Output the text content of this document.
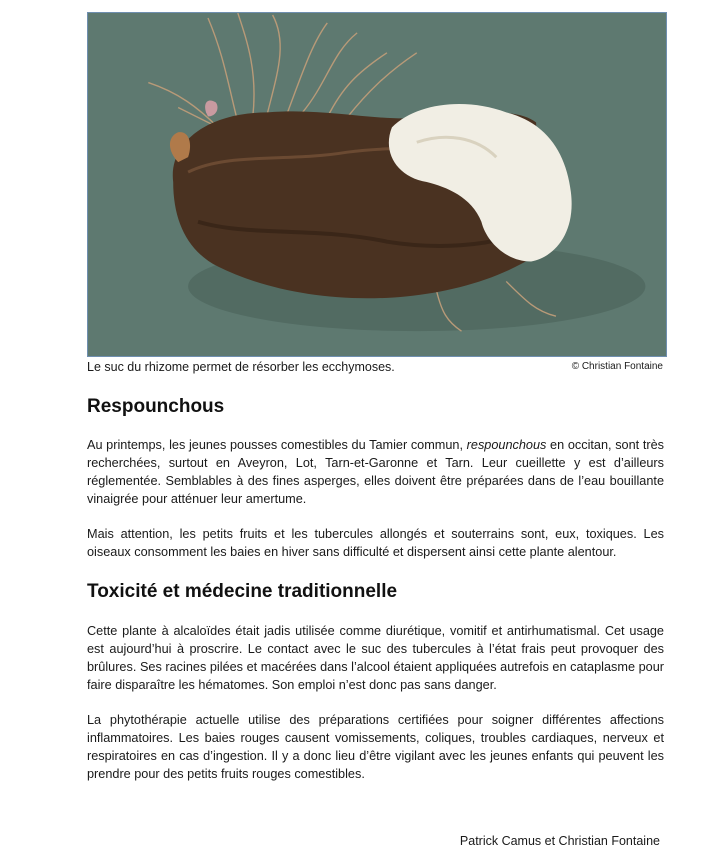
Le suc du rhizome permet de résorber les ecchymoses.	© Christian Fontaine
Respounchous

Au printemps, les jeunes pousses comestibles du Tamier commun, respounchous en occitan, sont très recherchées, surtout en Aveyron, Lot, Tarn-et-Garonne et Tarn. Leur cueillette y est d’ailleurs réglementée. Semblables à des fines asperges, elles doivent être préparées dans de l’eau bouillante vinaigrée pour atténuer leur amertume.

Mais attention, les petits fruits et les tubercules allongés et souterrains sont, eux, toxiques. Les oiseaux consomment les baies en hiver sans difficulté et dispersent ainsi cette plante alentour.

Toxicité et médecine traditionnelle

Cette plante à alcaloïdes était jadis utilisée comme diurétique, vomitif et antirhumatismal. Cet usage est aujourd’hui à proscrire. Le contact avec le suc des tubercules à l’état frais peut provoquer des brûlures. Ses racines pilées et macérées dans l’alcool étaient appliquées autrefois en cataplasme pour faire disparaître les hématomes. Son emploi n’est donc pas sans danger.

La phytothérapie actuelle utilise des préparations certifiées pour soigner différentes affections inflammatoires. Les baies rouges causent vomissements, coliques, troubles cardiaques, nerveux et respiratoires en cas d’ingestion. Il y a donc lieu d’être vigilant avec les jeunes enfants qui peuvent les prendre pour des petits fruits rouges comestibles.

Patrick Camus et Christian Fontaine
